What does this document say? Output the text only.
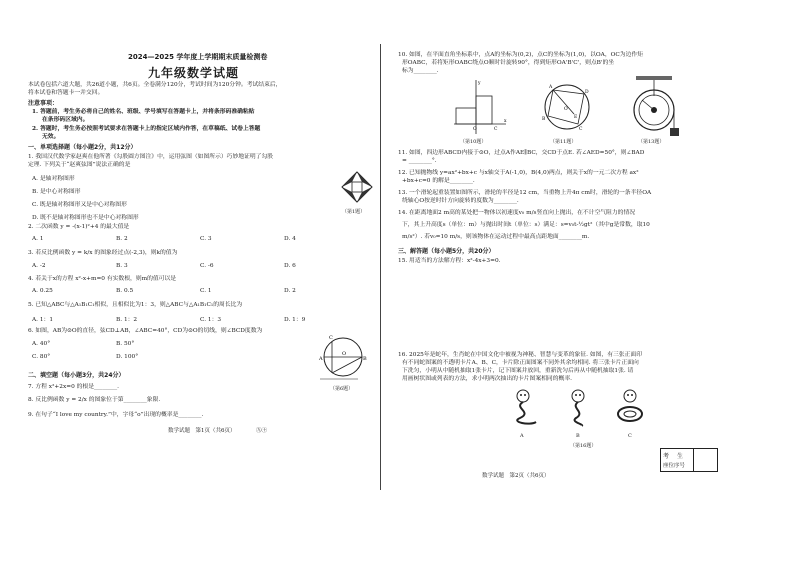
2024—2025 学年度上学期期末质量检测卷
九年级数学试题
本试卷包括六道大题，共26道小题，共6页。全卷满分120分，考试时间为120分钟。考试结束后，
将本试卷和答题卡一并交回。
注意事项：
1. 答题前，考生务必将自己的姓名、班级、学号填写在答题卡上，并将条形码准确粘贴
在条形码区域内。
2. 答题时，考生务必按照考试要求在答题卡上的指定区域内作答，在草稿纸、试卷上答题
无效。
一、单项选择题（每小题2分，共12分）
1. 我国汉代数学家赵爽在他所著《勾股圆方图注》中，运用弦图（如图所示）巧妙地证明了勾股
定理. 下列关于“赵爽弦图”说法正确的是
A. 是轴对称图形
B. 是中心对称图形
C. 既是轴对称图形又是中心对称图形
D. 既不是轴对称图形也不是中心对称图形
（第1题）
2. 二次函数 y = -(x-1)²+4 的最大值是
A. 1	B. 2	C. 3	D. 4
3. 若反比例函数 y = k/x 的图象经过点(-2,3)，则k的值为
A. -2	B. 3	C. -6	D. 6
4. 若关于x的方程 x²-x+m=0 有实数根，则m的值可以是
A. 0.25	B. 0.5	C. 1	D. 2
5. 已知△ABC与△A₁B₁C₁相似，且相似比为1：3，则△ABC与△A₁B₁C₁的周长比为
A. 1：1	B. 1：2	C. 1：3	D. 1：9
6. 如图，AB为⊙O的直径，弦CD⊥AB，∠ABC=40°，CD为⊙O的切线，则∠BCD度数为
A. 40°	B. 50°
C. 80°	D. 100°	A	B
O
C
（第6题）
二、填空题（每小题3分，共24分）
7. 方程 x²+2x=0 的根是________.
8. 反比例函数 y = 2/x 的图象位于第________象限.
9. 在句子“I love my country.”中，字母“o”出现的概率是________.
数学试题　第1页（共6页）	㊈㊉
10. 如图，在平面直角坐标系中，点A的坐标为(0,2)，点C的坐标为(1,0)，以OA，OC为边作矩
形OABC，若将矩形OABC绕点O顺时针旋转90°，得到矩形OA'B'C'，则点B'的坐
标为________.
O	C
x
y
O
A
D
C
B	E
（第10题）	（第11题）	（第13题）
11. 如图，四边形ABCD内接于⊙O，过点A作AE∥BC，交CD于点E. 若∠AED=50°，则∠BAD
= ________°.
12. 已知抛物线 y=ax²+bx+c 与x轴交于A(-1,0)，B(4,0)两点，则关于x的一元二次方程 ax²
+bx+c=0 的解是________.
13. 一个滑轮起重装置如图所示，滑轮的半径是12 cm，当重物上升4π cm时，滑轮的一条半径OA
绕轴心O按逆时针方向旋转的度数为________.
14. 在距离地面2 m高的某处把一物体以初速度v₀ m/s竖直向上抛出，在不计空气阻力的情况
下，其上升高度s（单位：m）与抛出时间t（单位：s）满足：s=v₀t-½gt²（其中g是常数，取10
m/s²）. 若v₀=10 m/s，则该物体在运动过程中最高点距地面________m.
三、解答题（每小题5分，共20分）
15. 用适当的方法解方程：x²-4x+3=0.
16. 2025年是蛇年，生肖蛇在中国文化中被视为神秘、智慧与变革的象征. 如图，有三张正面印
有不同蛇图案的不透明卡片A、B、C，卡片除正面图案不同外其余均相同. 将三张卡片正面向
下洗匀，小明从中随机抽取1张卡片，记下图案并放回，重新洗匀后再从中随机抽取1张. 请
用画树状图或列表的方法，求小明两次抽出的卡片图案相同的概率.
A	B	C
（第16题）
考 生
座位序号
数学试题　第2页（共6页）
